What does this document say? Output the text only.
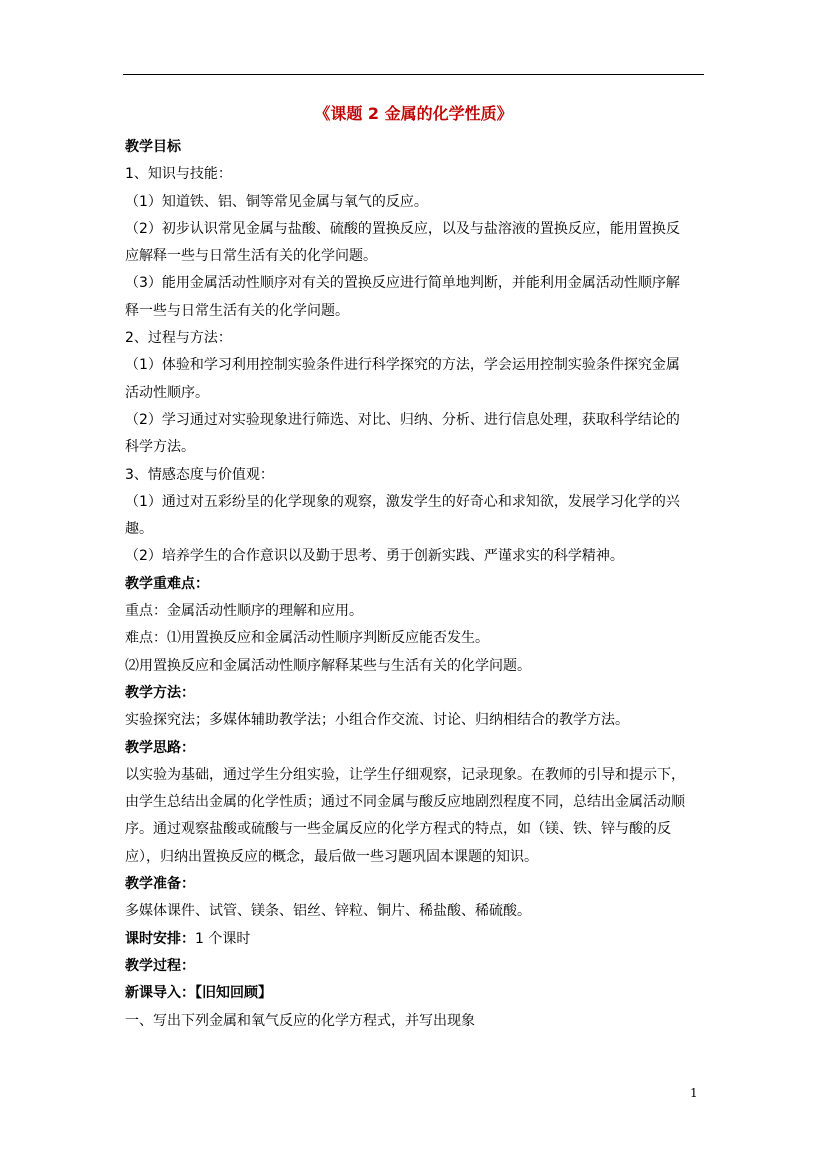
《课题 2 金属的化学性质》
教学目标
1、知识与技能：
（1）知道铁、铝、铜等常见金属与氧气的反应。
（2）初步认识常见金属与盐酸、硫酸的置换反应，以及与盐溶液的置换反应，能用置换反
应解释一些与日常生活有关的化学问题。
（3）能用金属活动性顺序对有关的置换反应进行简单地判断，并能利用金属活动性顺序解
释一些与日常生活有关的化学问题。
2、过程与方法：
（1）体验和学习利用控制实验条件进行科学探究的方法，学会运用控制实验条件探究金属
活动性顺序。
（2）学习通过对实验现象进行筛选、对比、归纳、分析、进行信息处理，获取科学结论的
科学方法。
3、情感态度与价值观：
（1）通过对五彩纷呈的化学现象的观察，激发学生的好奇心和求知欲，发展学习化学的兴
趣。
（2）培养学生的合作意识以及勤于思考、勇于创新实践、严谨求实的科学精神。
教学重难点：
重点：金属活动性顺序的理解和应用。
难点：⑴用置换反应和金属活动性顺序判断反应能否发生。
⑵用置换反应和金属活动性顺序解释某些与生活有关的化学问题。
教学方法：
实验探究法；多媒体辅助教学法；小组合作交流、讨论、归纳相结合的教学方法。
教学思路：
以实验为基础，通过学生分组实验，让学生仔细观察，记录现象。在教师的引导和提示下，
由学生总结出金属的化学性质；通过不同金属与酸反应地剧烈程度不同，总结出金属活动顺
序。通过观察盐酸或硫酸与一些金属反应的化学方程式的特点，如（镁、铁、锌与酸的反
应），归纳出置换反应的概念，最后做一些习题巩固本课题的知识。
教学准备：
多媒体课件、试管、镁条、铝丝、锌粒、铜片、稀盐酸、稀硫酸。
课时安排：1 个课时
教学过程：
新课导入：【旧知回顾】
一、写出下列金属和氧气反应的化学方程式，并写出现象
1
